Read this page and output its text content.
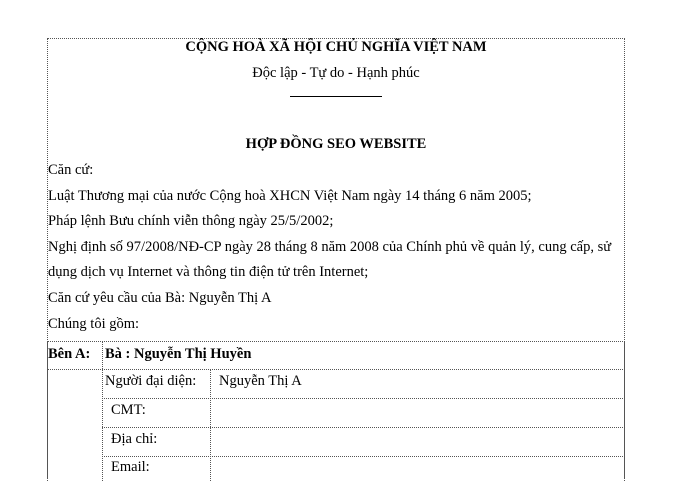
CỘNG HOÀ XÃ HỘI CHỦ NGHĨA VIỆT NAM
Độc lập - Tự do - Hạnh phúc
HỢP ĐỒNG SEO WEBSITE
Căn cứ:
Luật Thương mại của nước Cộng hoà XHCN Việt Nam ngày 14 tháng 6 năm 2005;
Pháp lệnh Bưu chính viễn thông ngày 25/5/2002;
Nghị định số 97/2008/NĐ-CP ngày 28 tháng 8 năm 2008 của Chính phủ về quản lý, cung cấp, sử
dụng dịch vụ Internet và thông tin điện tử trên Internet;
Căn cứ yêu cầu của Bà: Nguyễn Thị A
Chúng tôi gồm:
Bên A: Bà : Nguyễn Thị Huyền
Người đại diện: Nguyễn Thị A
CMT:
Địa chỉ:
Email:
